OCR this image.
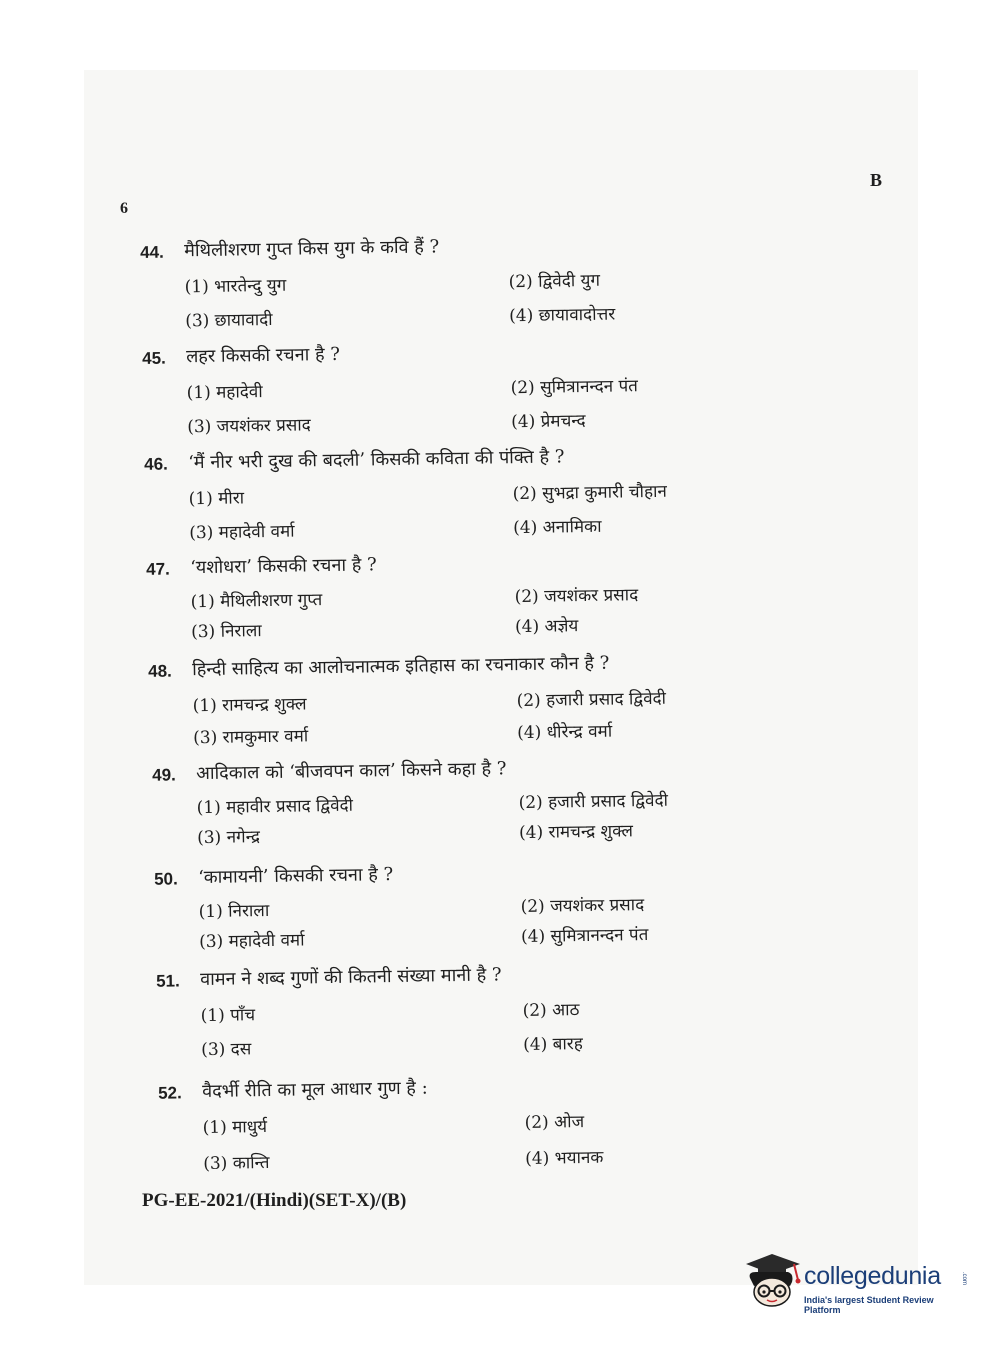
B
6
44. मैथिलीशरण गुप्त किस युग के कवि हैं ?
(1) भारतेन्दु युग	(2) द्विवेदी युग
(3) छायावादी	(4) छायावादोत्तर
45. लहर किसकी रचना है ?
(1) महादेवी	(2) सुमित्रानन्दन पंत
(3) जयशंकर प्रसाद	(4) प्रेमचन्द
46. ‘मैं नीर भरी दुख की बदली’ किसकी कविता की पंक्ति है ?
(1) मीरा	(2) सुभद्रा कुमारी चौहान
(3) महादेवी वर्मा	(4) अनामिका
47. ‘यशोधरा’ किसकी रचना है ?
(1) मैथिलीशरण गुप्त	(2) जयशंकर प्रसाद
(3) निराला	(4) अज्ञेय
48. हिन्दी साहित्य का आलोचनात्मक इतिहास का रचनाकार कौन है ?
(1) रामचन्द्र शुक्ल	(2) हजारी प्रसाद द्विवेदी
(3) रामकुमार वर्मा	(4) धीरेन्द्र वर्मा
49. आदिकाल को ‘बीजवपन काल’ किसने कहा है ?
(1) महावीर प्रसाद द्विवेदी	(2) हजारी प्रसाद द्विवेदी
(3) नगेन्द्र	(4) रामचन्द्र शुक्ल
50. ‘कामायनी’ किसकी रचना है ?
(1) निराला	(2) जयशंकर प्रसाद
(3) महादेवी वर्मा	(4) सुमित्रानन्दन पंत
51. वामन ने शब्द गुणों की कितनी संख्या मानी है ?
(1) पाँच	(2) आठ
(3) दस	(4) बारह
52. वैदर्भी रीति का मूल आधार गुण है :
(1) माधुर्य	(2) ओज
(3) कान्ति	(4) भयानक
PG-EE-2021/(Hindi)(SET-X)/(B)
collegedunia	.com
India's largest Student Review Platform
